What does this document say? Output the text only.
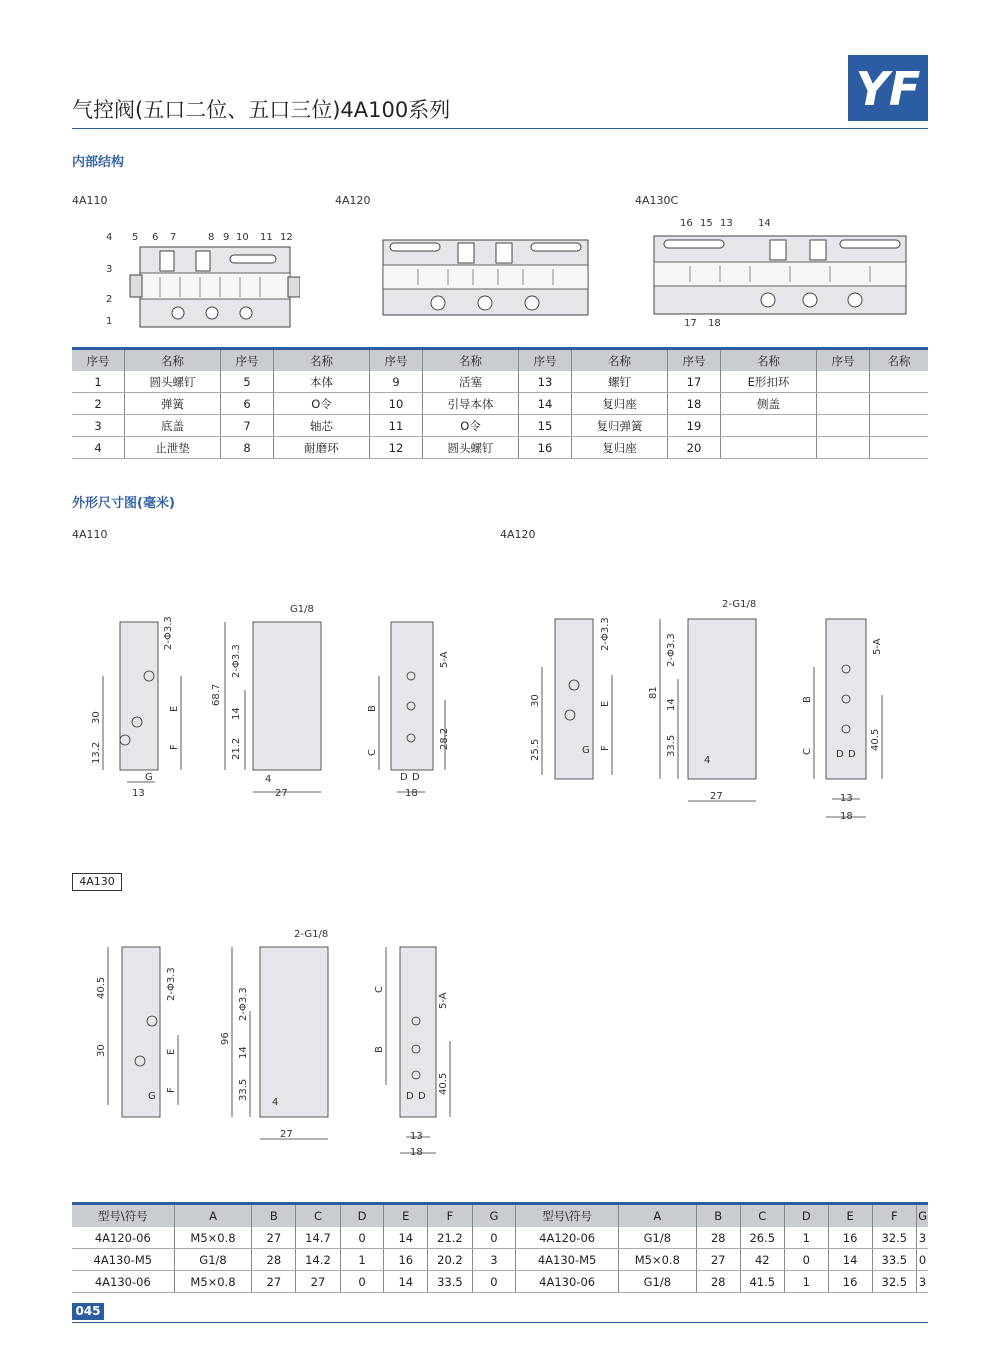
气控阀(五口二位、五口三位)4A100系列	YF
内部结构
4A110	4A120	4A130C
4 5 6 7	8 9 10 11 12
3
2
1
16 15 13	14
17 18
序号	名称	序号	名称	序号	名称	序号	名称	序号	名称	序号	名称
1	圆头螺钉	5	本体	9	活塞	13	螺钉	17	E形扣环		
2	弹簧	6	O令	10	引导本体	14	复归座	18	侧盖		
3	底盖	7	轴芯	11	O令	15	复归弹簧	19			
4	止泄垫	8	耐磨环	12	圆头螺钉	16	复归座	20			
外形尺寸图(毫米)
4A110	4A120
2-Φ3.3
30
13.2
E
F
G
13
G1/8
68.7
2-Φ3.3
14
21.2
4
27
5-A
B
C
D D
28.2
18
2-Φ3.3
30
25.5
E
F
G
2-G1/8
81
2-Φ3.3
14
33.5
4
27
5-A
B
C D D
40.5
13
18
4A130
40.5
30
2-Φ3.3
E
F
G
2-G1/8
96
2-Φ3.3
14
33.5
4
27
5-A
C
B
D D
40.5
13
18
型号\符号	A	B	C	D	E	F	G	型号\符号	A	B	C	D	E	F	G
4A120-06	M5×0.8	27	14.7	0	14	21.2	0	4A120-06	G1/8	28	26.5	1	16	32.5	3
4A130-M5	G1/8	28	14.2	1	16	20.2	3	4A130-M5	M5×0.8	27	42	0	14	33.5	0
4A130-06	M5×0.8	27	27	0	14	33.5	0	4A130-06	G1/8	28	41.5	1	16	32.5	3
045
